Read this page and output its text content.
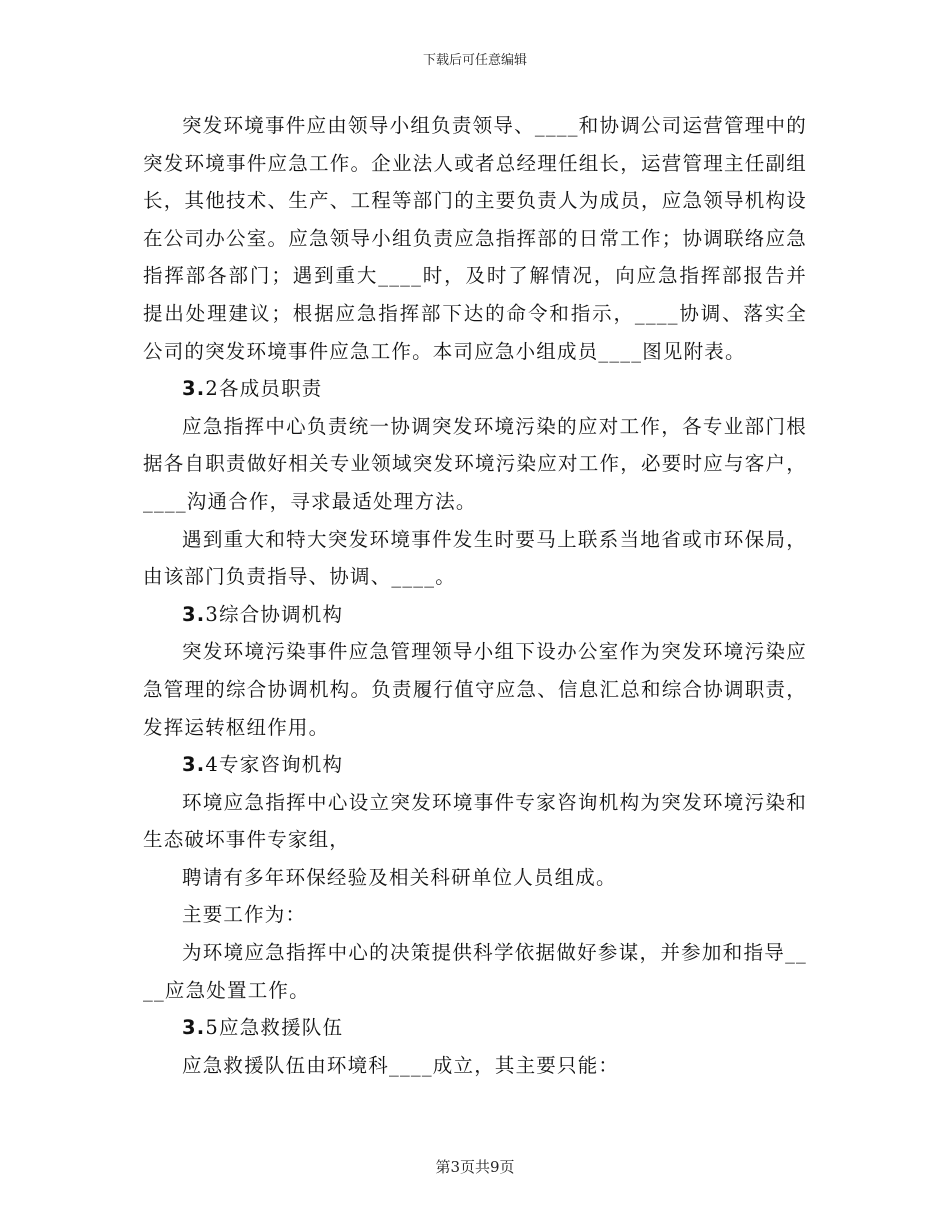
下载后可任意编辑

突发环境事件应由领导小组负责领导、____和协调公司运营管理中的突发环境事件应急工作。企业法人或者总经理任组长，运营管理主任副组长，其他技术、生产、工程等部门的主要负责人为成员，应急领导机构设在公司办公室。应急领导小组负责应急指挥部的日常工作；协调联络应急指挥部各部门；遇到重大____时，及时了解情况，向应急指挥部报告并提出处理建议；根据应急指挥部下达的命令和指示，____协调、落实全公司的突发环境事件应急工作。本司应急小组成员____图见附表。

3.2各成员职责

应急指挥中心负责统一协调突发环境污染的应对工作，各专业部门根据各自职责做好相关专业领域突发环境污染应对工作，必要时应与客户，____沟通合作，寻求最适处理方法。

遇到重大和特大突发环境事件发生时要马上联系当地省或市环保局，由该部门负责指导、协调、____。

3.3综合协调机构

突发环境污染事件应急管理领导小组下设办公室作为突发环境污染应急管理的综合协调机构。负责履行值守应急、信息汇总和综合协调职责，发挥运转枢纽作用。

3.4专家咨询机构

环境应急指挥中心设立突发环境事件专家咨询机构为突发环境污染和生态破坏事件专家组，

聘请有多年环保经验及相关科研单位人员组成。

主要工作为：

为环境应急指挥中心的决策提供科学依据做好参谋，并参加和指导____应急处置工作。

3.5应急救援队伍

应急救援队伍由环境科____成立，其主要只能：

第3页共9页
